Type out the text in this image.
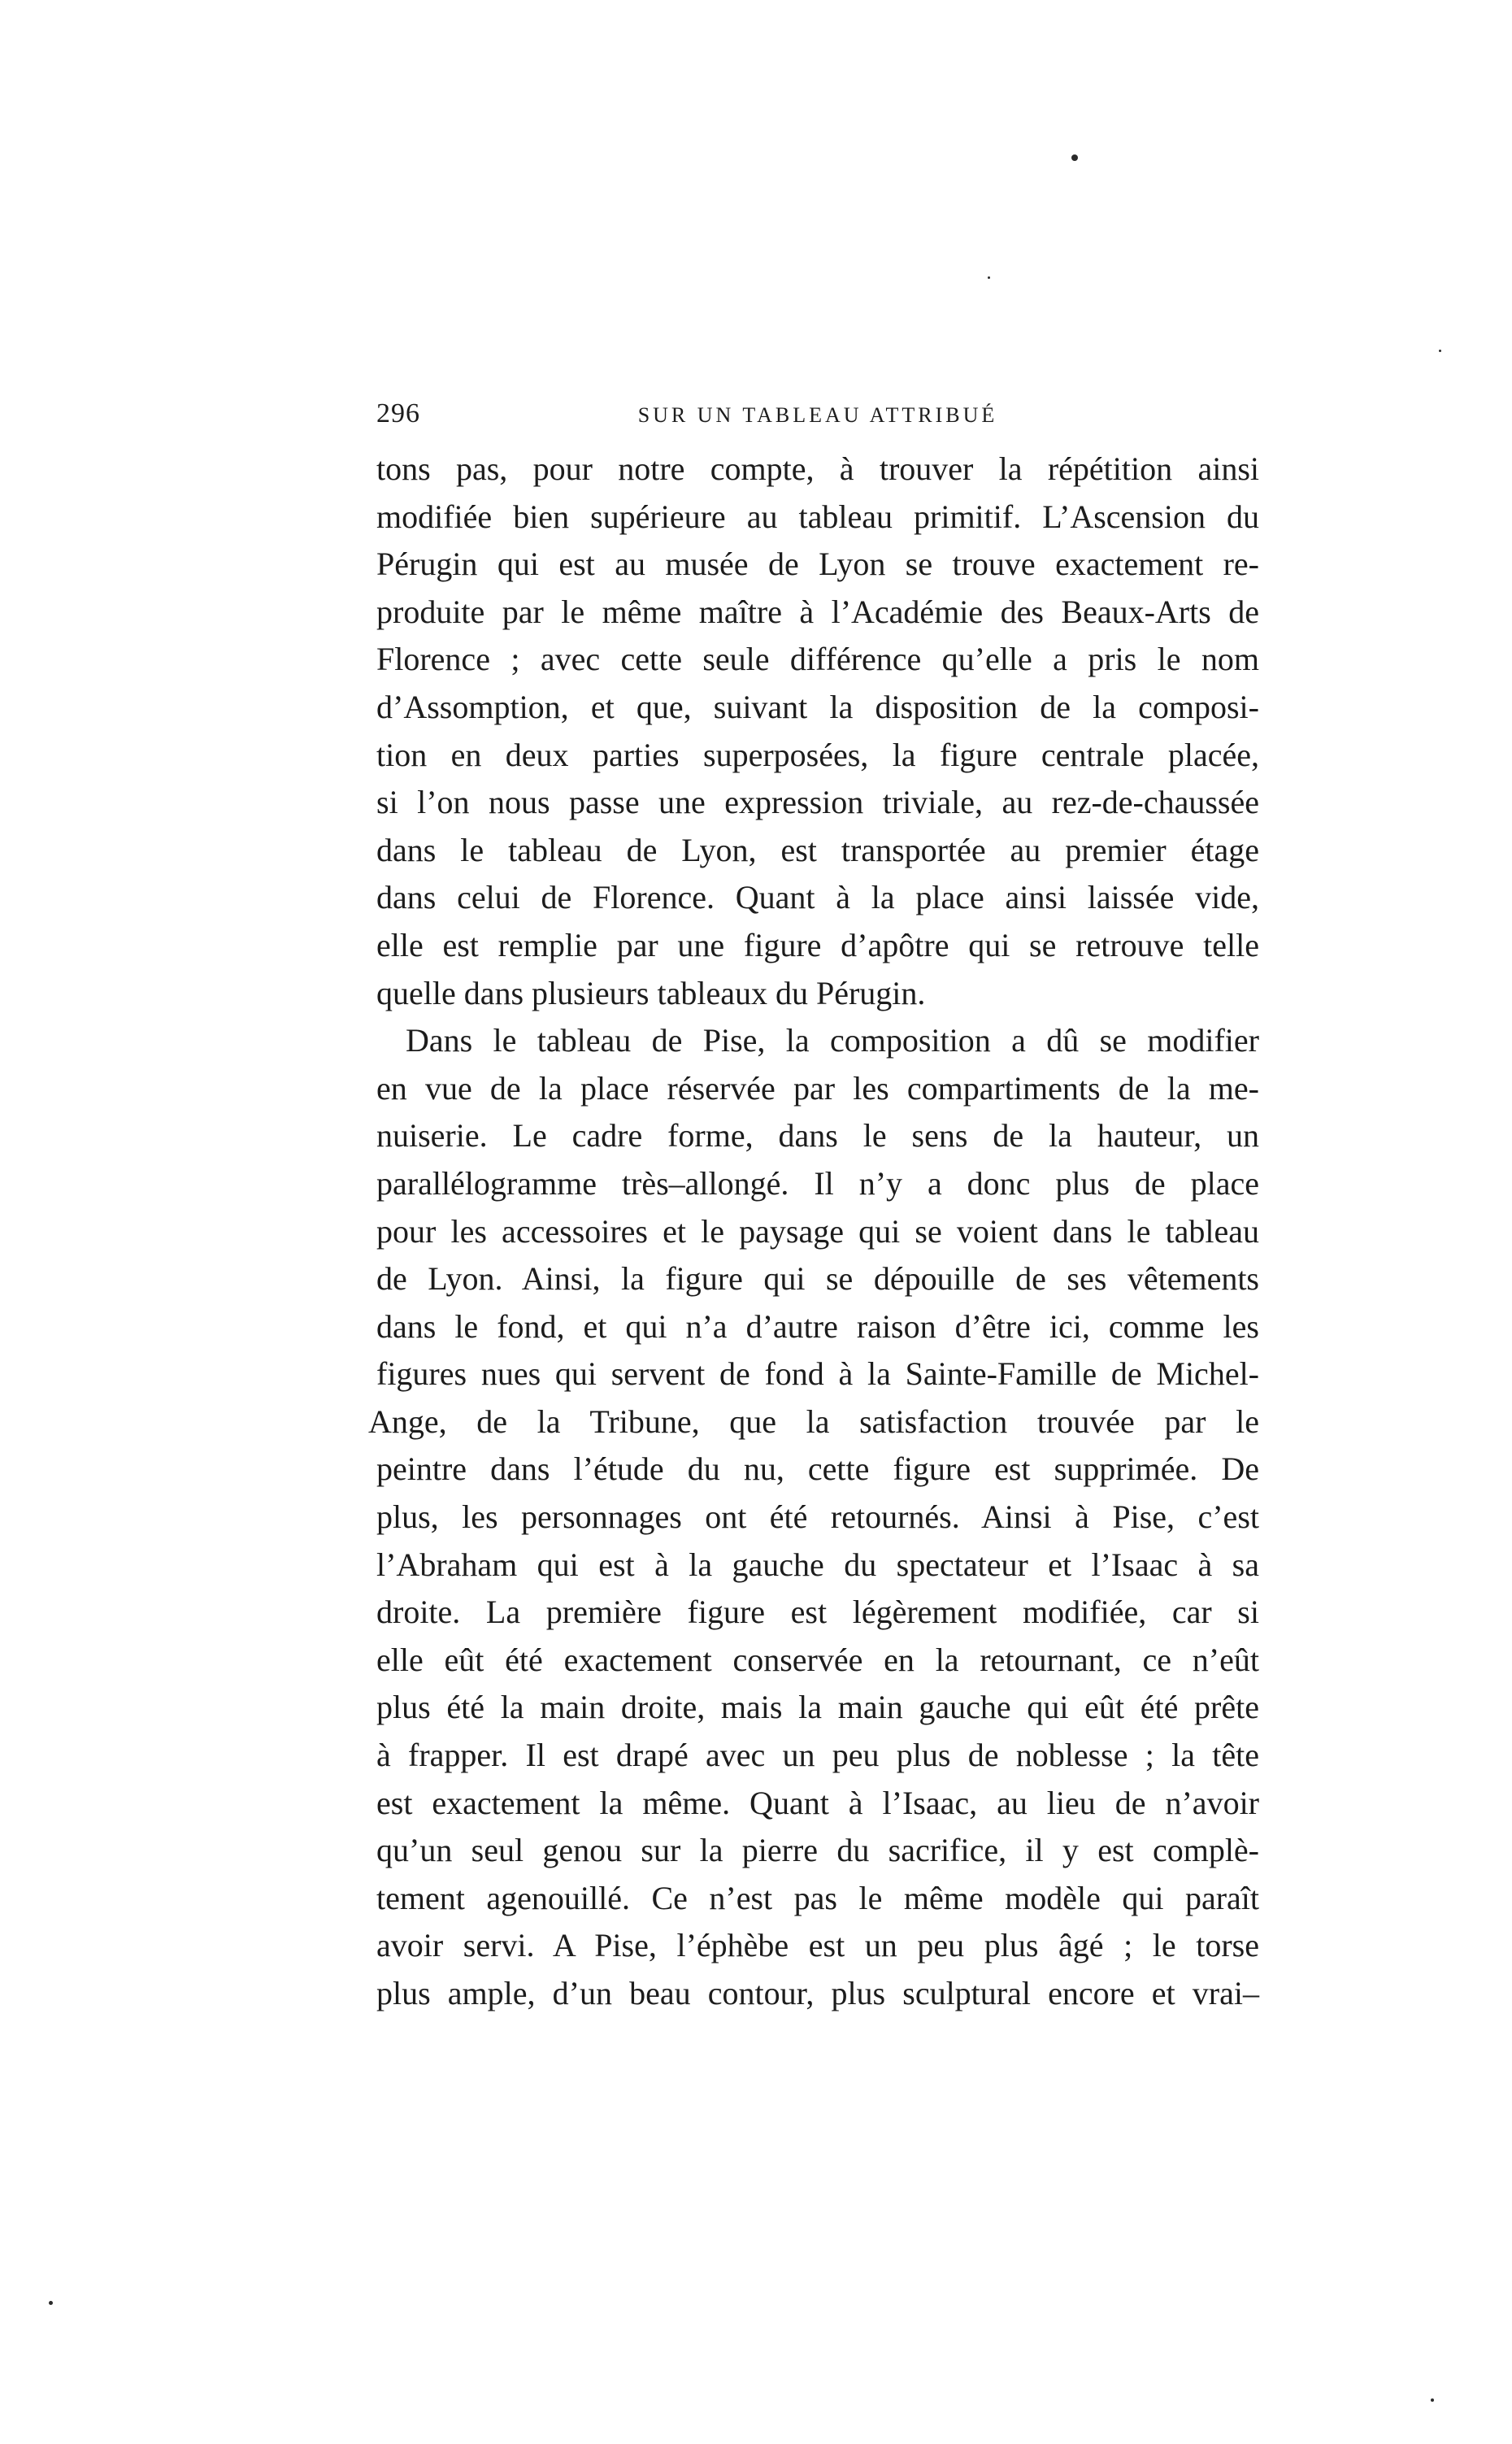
296	SUR UN TABLEAU ATTRIBUÉ
tons pas, pour notre compte, à trouver la répétition ainsi
modifiée bien supérieure au tableau primitif. L’Ascension du
Pérugin qui est au musée de Lyon se trouve exactement re-
produite par le même maître à l’Académie des Beaux-Arts de
Florence ; avec cette seule différence qu’elle a pris le nom
d’Assomption, et que, suivant la disposition de la composi-
tion en deux parties superposées, la figure centrale placée,
si l’on nous passe une expression triviale, au rez-de-chaussée
dans le tableau de Lyon, est transportée au premier étage
dans celui de Florence. Quant à la place ainsi laissée vide,
elle est remplie par une figure d’apôtre qui se retrouve telle
quelle dans plusieurs tableaux du Pérugin.
Dans le tableau de Pise, la composition a dû se modifier
en vue de la place réservée par les compartiments de la me-
nuiserie. Le cadre forme, dans le sens de la hauteur, un
parallélogramme très–allongé. Il n’y a donc plus de place
pour les accessoires et le paysage qui se voient dans le tableau
de Lyon. Ainsi, la figure qui se dépouille de ses vêtements
dans le fond, et qui n’a d’autre raison d’être ici, comme les
figures nues qui servent de fond à la Sainte-Famille de Michel-
Ange, de la Tribune, que la satisfaction trouvée par le
peintre dans l’étude du nu, cette figure est supprimée. De
plus, les personnages ont été retournés. Ainsi à Pise, c’est
l’Abraham qui est à la gauche du spectateur et l’Isaac à sa
droite. La première figure est légèrement modifiée, car si
elle eût été exactement conservée en la retournant, ce n’eût
plus été la main droite, mais la main gauche qui eût été prête
à frapper. Il est drapé avec un peu plus de noblesse ; la tête
est exactement la même. Quant à l’Isaac, au lieu de n’avoir
qu’un seul genou sur la pierre du sacrifice, il y est complè-
tement agenouillé. Ce n’est pas le même modèle qui paraît
avoir servi. A Pise, l’éphèbe est un peu plus âgé ; le torse
plus ample, d’un beau contour, plus sculptural encore et vrai–
